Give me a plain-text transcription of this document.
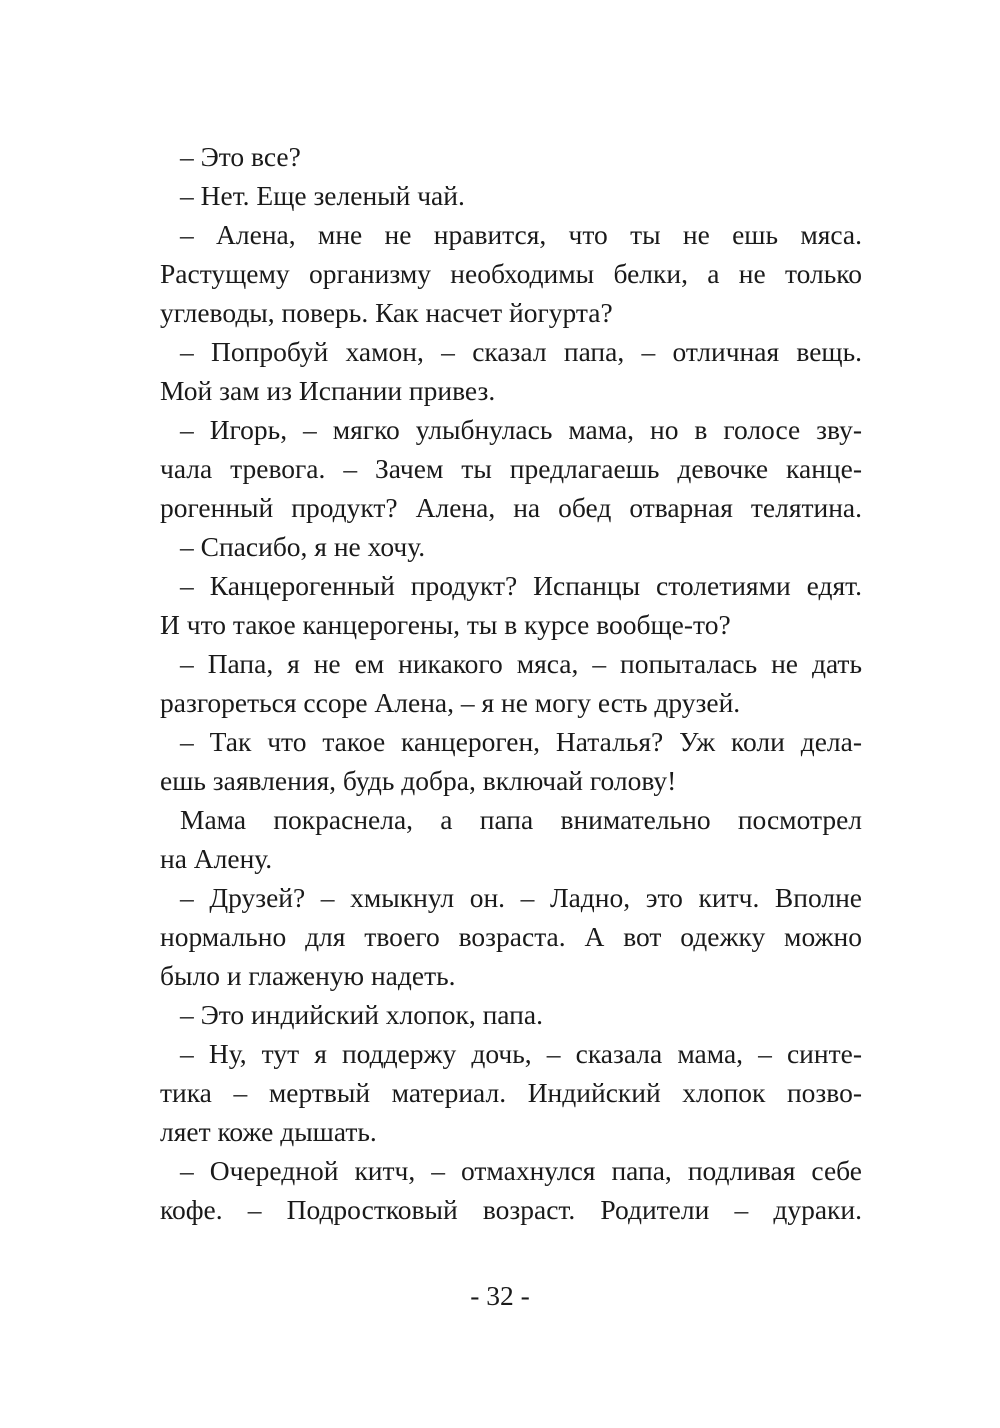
– Это все?
– Нет. Еще зеленый чай.
– Алена, мне не нравится, что ты не ешь мяса.
Растущему организму необходимы белки, а не только
углеводы, поверь. Как насчет йогурта?
– Попробуй хамон, – сказал папа, – отличная вещь.
Мой зам из Испании привез.
– Игорь, – мягко улыбнулась мама, но в голосе зву-
чала тревога. – Зачем ты предлагаешь девочке канце-
рогенный продукт? Алена, на обед отварная телятина.
– Спасибо, я не хочу.
– Канцерогенный продукт? Испанцы столетиями едят.
И что такое канцерогены, ты в курсе вообще-то?
– Папа, я не ем никакого мяса, – попыталась не дать
разгореться ссоре Алена, – я не могу есть друзей.
– Так что такое канцероген, Наталья? Уж коли дела-
ешь заявления, будь добра, включай голову!
Мама покраснела, а папа внимательно посмотрел
на Алену.
– Друзей? – хмыкнул он. – Ладно, это китч. Вполне
нормально для твоего возраста. А вот одежку можно
было и глаженую надеть.
– Это индийский хлопок, папа.
– Ну, тут я поддержу дочь, – сказала мама, – синте-
тика – мертвый материал. Индийский хлопок позво-
ляет коже дышать.
– Очередной китч, – отмахнулся папа, подливая себе
кофе. – Подростковый возраст. Родители – дураки.
- 32 -
